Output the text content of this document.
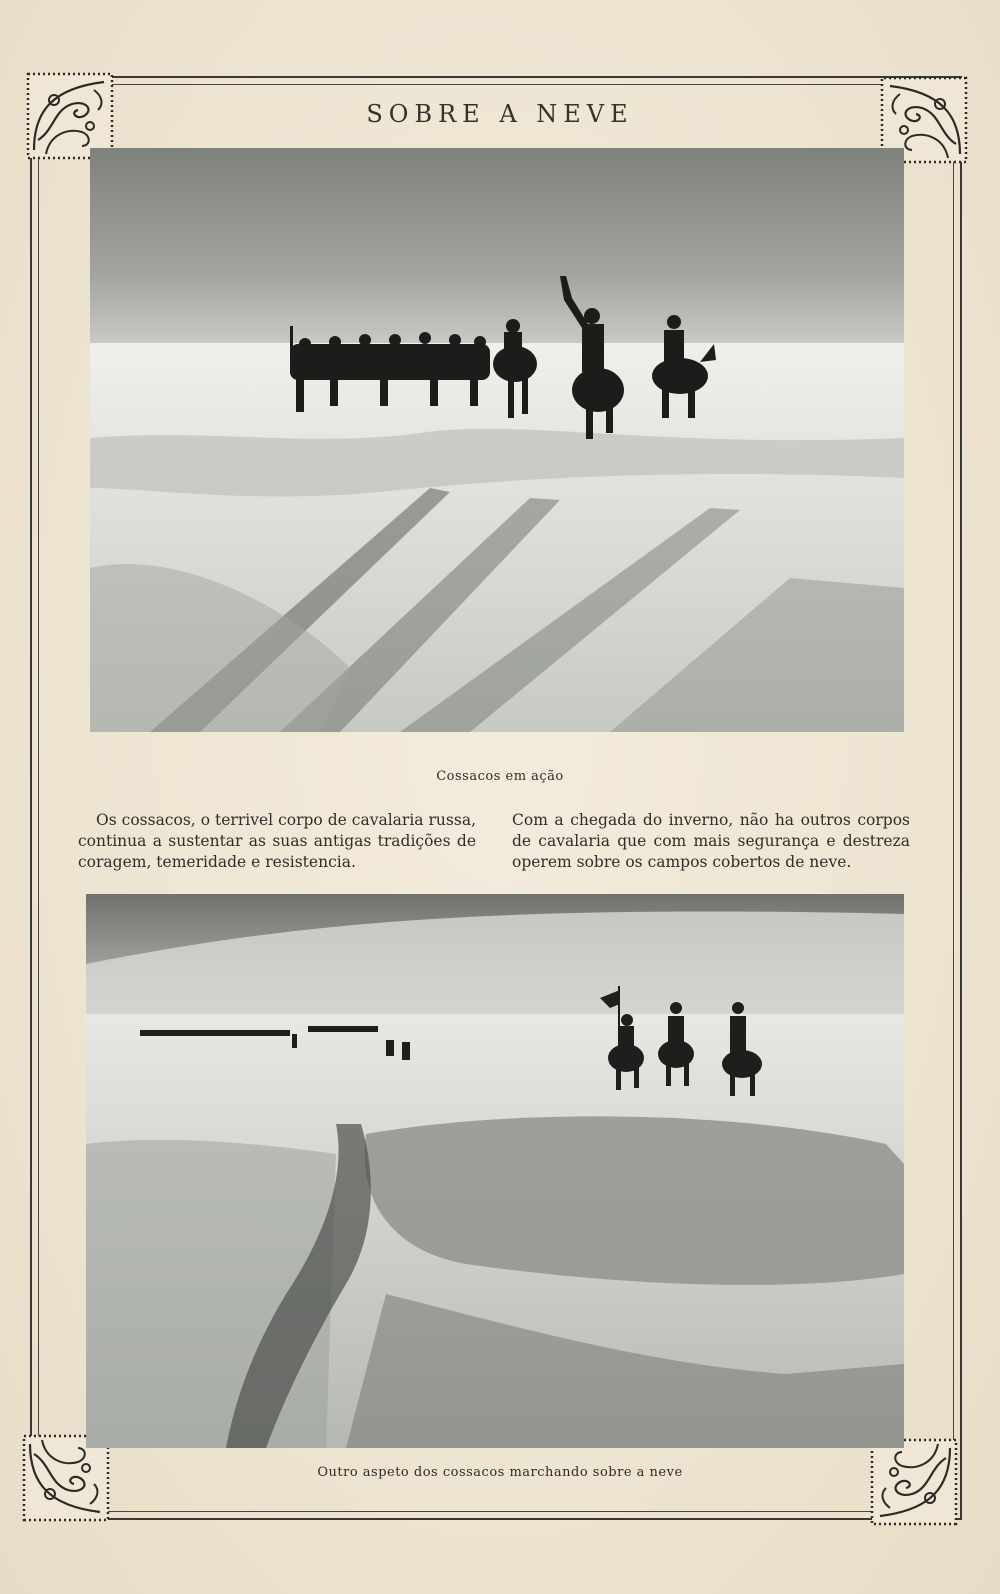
SOBRE A NEVE
Cossacos em ação
Os cossacos, o terrivel corpo de cavalaria russa, continua a sustentar as suas antigas tradições de coragem, temeridade e resistencia.
Com a chegada do inverno, não ha outros corpos de cavalaria que com mais segurança e destreza operem sobre os campos cobertos de neve.
Outro aspeto dos cossacos marchando sobre a neve
